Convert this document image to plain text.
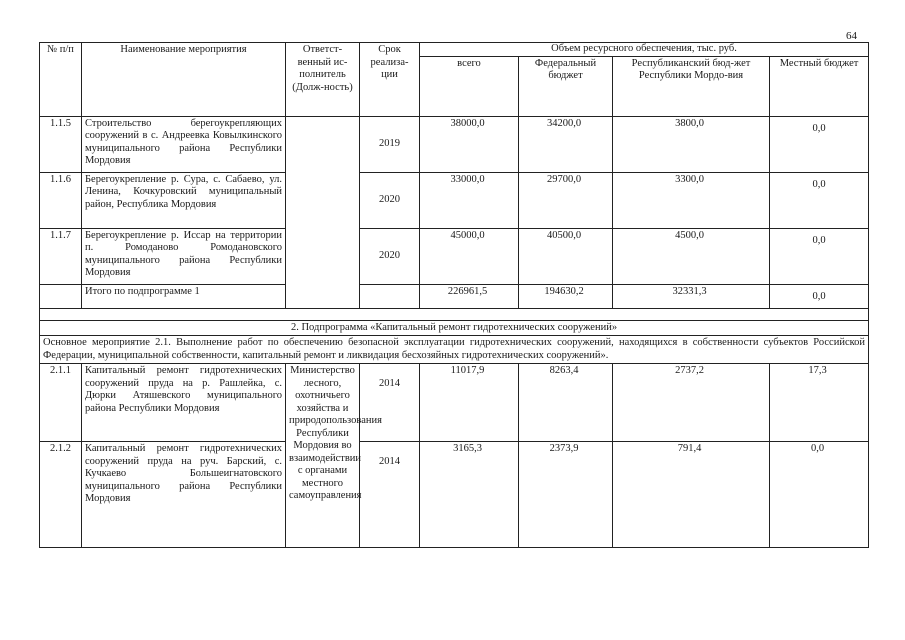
64
№ п/п	Наименование мероприятия	Ответст-венный ис-полнитель (Долж-ность)	Срок реализа-ции	Объем ресурсного обеспечения, тыс. руб.			
				всего	Федеральный бюджет	Республиканский бюд-жет Республики Мордо-вия	Местный бюджет
1.1.5	Строительство берегоукрепляющих сооружений в с. Андреевка Ковылкинского муниципального района Республики Мордовия		2019	38000,0	34200,0	3800,0	0,0
1.1.6	Берегоукрепление р. Сура, с. Сабаево, ул. Ленина, Кочкуровский муниципальный район, Республика Мордовия		2020	33000,0	29700,0	3300,0	0,0
1.1.7	Берегоукрепление р. Иссар на территории п. Ромоданово Ромодановского муниципального района Республики Мордовия		2020	45000,0	40500,0	4500,0	0,0
	Итого по подпрограмме 1			226961,5	194630,2	32331,3	0,0

2. Подпрограмма «Капитальный ремонт гидротехнических сооружений»							
Основное мероприятие 2.1. Выполнение работ по обеспечению безопасной эксплуатации гидротехнических сооружений, находящихся в собственности субъектов Российской Федерации, муниципальной собственности, капитальный ремонт и ликвидация бесхозяйных гидротехнических сооружений».							
2.1.1	Капитальный ремонт гидротехнических сооружений пруда на р. Рашлейка, с. Дюрки Атяшевского муниципального района Республики Мордовия	Министерство лесного, охотничьего хозяйства и природопользования Республики Мордовия во взаимодействии с органами местного самоуправления	2014	11017,9	8263,4	2737,2	17,3
2.1.2	Капитальный ремонт гидротехнических сооружений пруда на руч. Барский, с. Кучкаево Большеигнатовского муниципального района Республики Мордовия		2014	3165,3	2373,9	791,4	0,0
